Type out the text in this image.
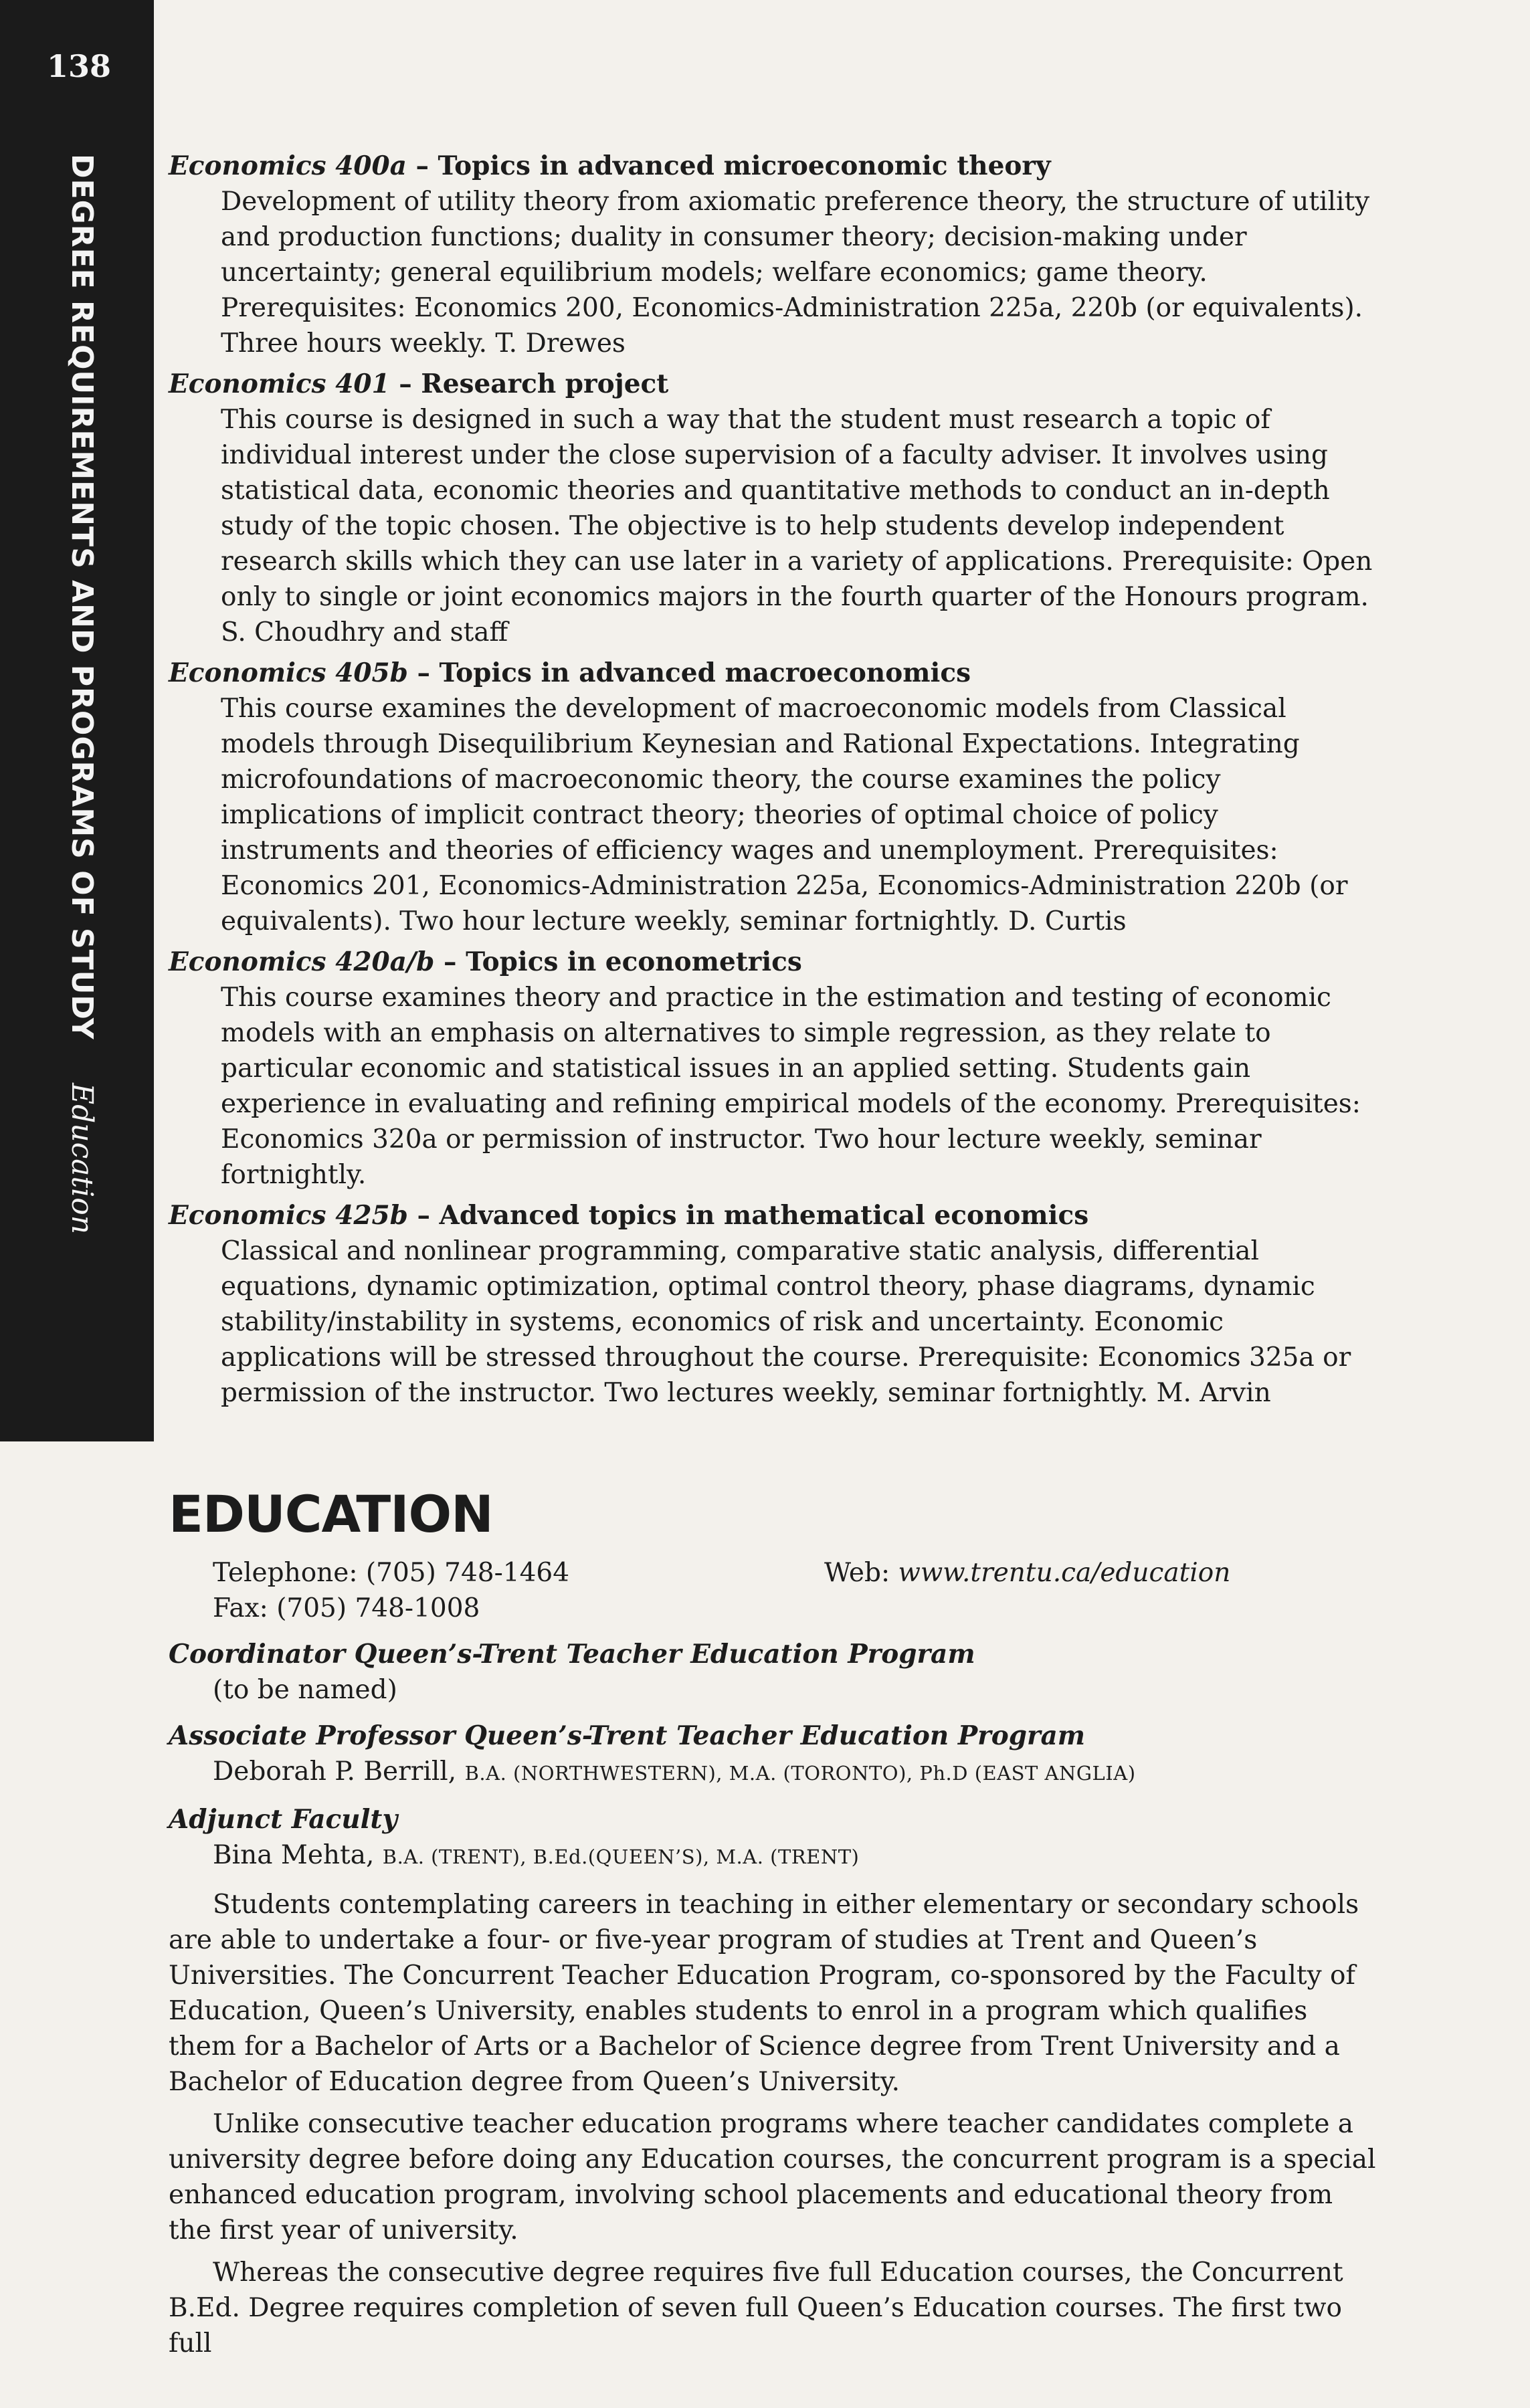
138
DEGREE REQUIREMENTS AND PROGRAMS OF STUDY Education
Economics 400a – Topics in advanced microeconomic theory
Development of utility theory from axiomatic preference theory, the structure of utility and production functions; duality in consumer theory; decision-making under uncertainty; general equilibrium models; welfare economics; game theory. Prerequisites: Economics 200, Economics-Administration 225a, 220b (or equivalents). Three hours weekly. T. Drewes
Economics 401 – Research project
This course is designed in such a way that the student must research a topic of individual interest under the close supervision of a faculty adviser. It involves using statistical data, economic theories and quantitative methods to conduct an in-depth study of the topic chosen. The objective is to help students develop independent research skills which they can use later in a variety of applications. Prerequisite: Open only to single or joint economics majors in the fourth quarter of the Honours program. S. Choudhry and staff
Economics 405b – Topics in advanced macroeconomics
This course examines the development of macroeconomic models from Classical models through Disequilibrium Keynesian and Rational Expectations. Integrating microfoundations of macroeconomic theory, the course examines the policy implications of implicit contract theory; theories of optimal choice of policy instruments and theories of efficiency wages and unemployment. Prerequisites: Economics 201, Economics-Administration 225a, Economics-Administration 220b (or equivalents). Two hour lecture weekly, seminar fortnightly. D. Curtis
Economics 420a/b – Topics in econometrics
This course examines theory and practice in the estimation and testing of economic models with an emphasis on alternatives to simple regression, as they relate to particular economic and statistical issues in an applied setting. Students gain experience in evaluating and refining empirical models of the economy. Prerequisites: Economics 320a or permission of instructor. Two hour lecture weekly, seminar fortnightly.
Economics 425b – Advanced topics in mathematical economics
Classical and nonlinear programming, comparative static analysis, differential equations, dynamic optimization, optimal control theory, phase diagrams, dynamic stability/instability in systems, economics of risk and uncertainty. Economic applications will be stressed throughout the course. Prerequisite: Economics 325a or permission of the instructor. Two lectures weekly, seminar fortnightly. M. Arvin
EDUCATION
Telephone: (705) 748-1464
Fax: (705) 748-1008
Web: www.trentu.ca/education
Coordinator Queen’s-Trent Teacher Education Program
(to be named)
Associate Professor Queen’s-Trent Teacher Education Program
Deborah P. Berrill, B.A. (NORTHWESTERN), M.A. (TORONTO), Ph.D (EAST ANGLIA)
Adjunct Faculty
Bina Mehta, B.A. (TRENT), B.Ed.(QUEEN’S), M.A. (TRENT)
Students contemplating careers in teaching in either elementary or secondary schools are able to undertake a four- or five-year program of studies at Trent and Queen’s Universities. The Concurrent Teacher Education Program, co-sponsored by the Faculty of Education, Queen’s University, enables students to enrol in a program which qualifies them for a Bachelor of Arts or a Bachelor of Science degree from Trent University and a Bachelor of Education degree from Queen’s University.
Unlike consecutive teacher education programs where teacher candidates complete a university degree before doing any Education courses, the concurrent program is a special enhanced education program, involving school placements and educational theory from the first year of university.
Whereas the consecutive degree requires five full Education courses, the Concurrent B.Ed. Degree requires completion of seven full Queen’s Education courses. The first two full
